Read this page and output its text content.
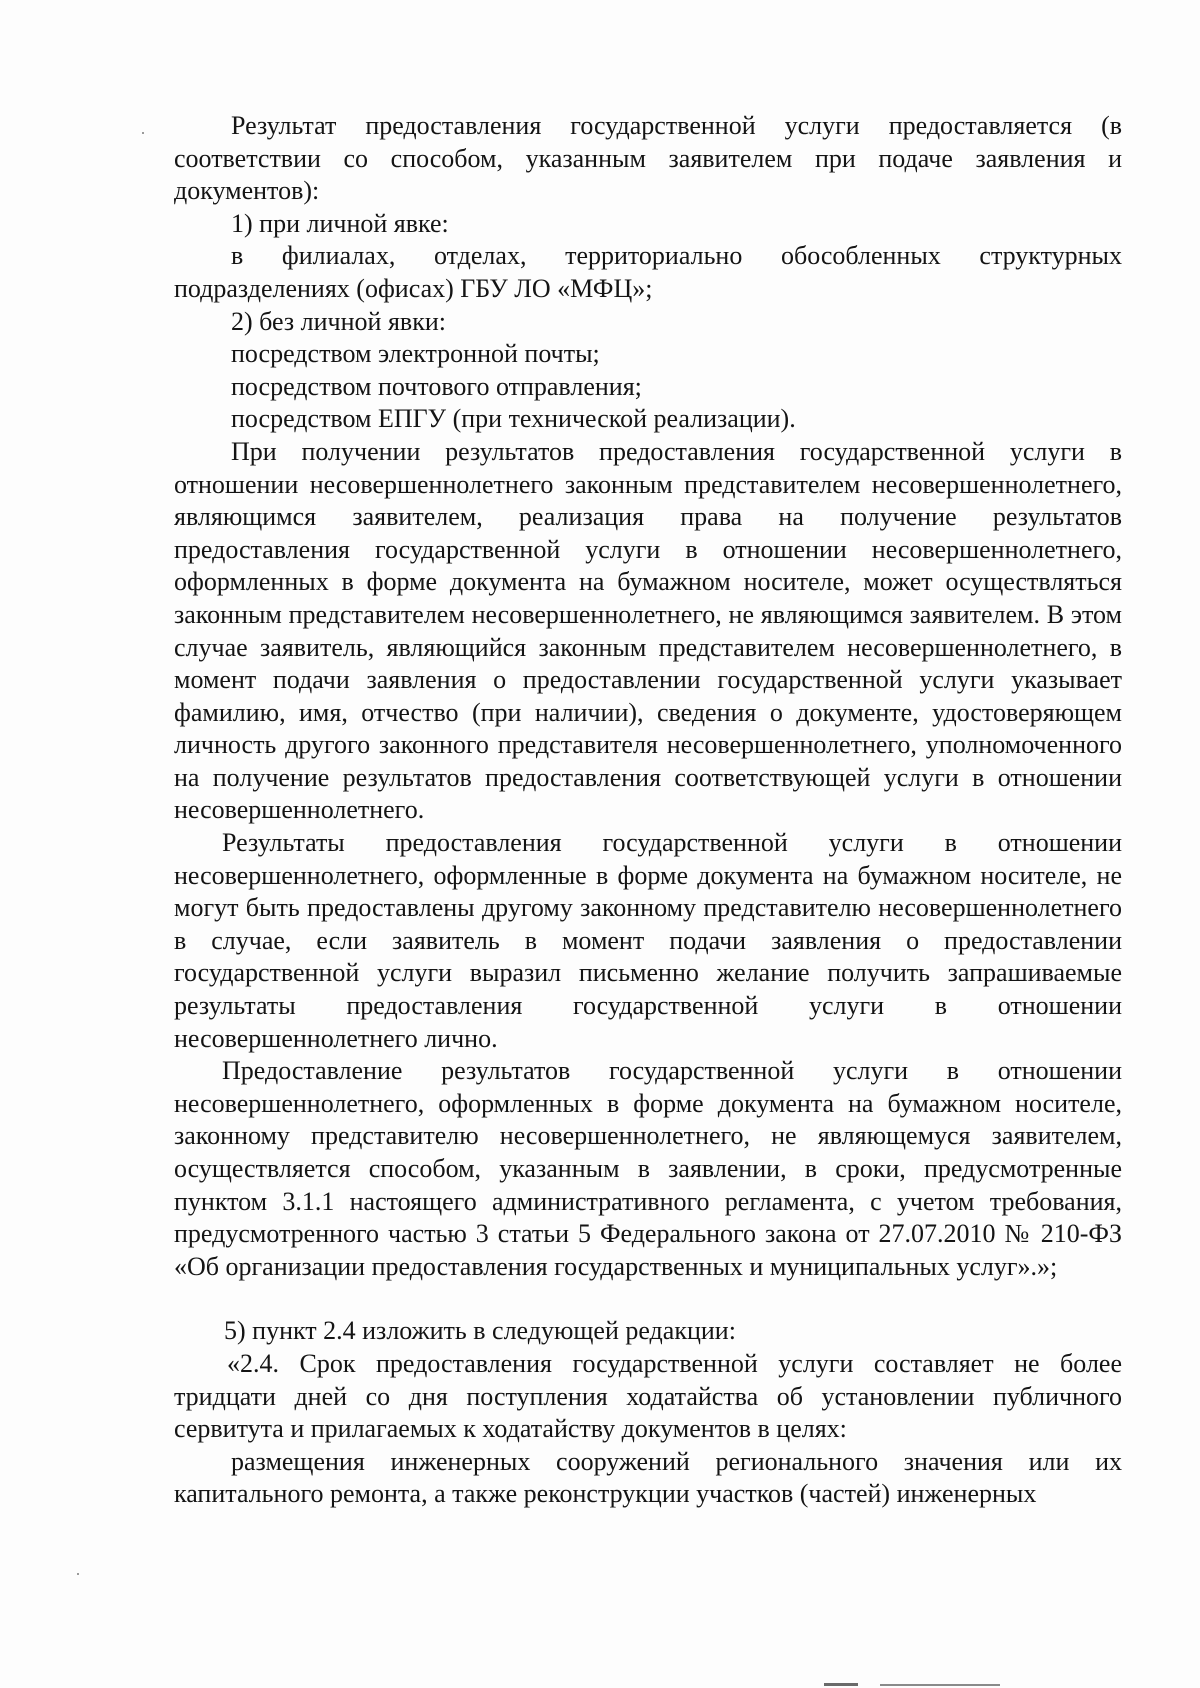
Результат предоставления государственной услуги предоставляется (в соответствии со способом, указанным заявителем при подаче заявления и документов):

1) при личной явке:

в филиалах, отделах, территориально обособленных структурных подразделениях (офисах) ГБУ ЛО «МФЦ»;

2) без личной явки:

посредством электронной почты;

посредством почтового отправления;

посредством ЕПГУ (при технической реализации).

При получении результатов предоставления государственной услуги в отношении несовершеннолетнего законным представителем несовершеннолетнего, являющимся заявителем, реализация права на получение результатов предоставления государственной услуги в отношении несовершеннолетнего, оформленных в форме документа на бумажном носителе, может осуществляться законным представителем несовершеннолетнего, не являющимся заявителем. В этом случае заявитель, являющийся законным представителем несовершеннолетнего, в момент подачи заявления о предоставлении государственной услуги указывает фамилию, имя, отчество (при наличии), сведения о документе, удостоверяющем личность другого законного представителя несовершеннолетнего, уполномоченного на получение результатов предоставления соответствующей услуги в отношении несовершеннолетнего.

Результаты предоставления государственной услуги в отношении несовершеннолетнего, оформленные в форме документа на бумажном носителе, не могут быть предоставлены другому законному представителю несовершеннолетнего в случае, если заявитель в момент подачи заявления о предоставлении государственной услуги выразил письменно желание получить запрашиваемые результаты предоставления государственной услуги в отношении несовершеннолетнего лично.

Предоставление результатов государственной услуги в отношении несовершеннолетнего, оформленных в форме документа на бумажном носителе, законному представителю несовершеннолетнего, не являющемуся заявителем, осуществляется способом, указанным в заявлении, в сроки, предусмотренные пунктом 3.1.1 настоящего административного регламента, с учетом требования, предусмотренного частью 3 статьи 5 Федерального закона от 27.07.2010 № 210-ФЗ «Об организации предоставления государственных и муниципальных услуг».»;

5) пункт 2.4 изложить в следующей редакции:

«2.4. Срок предоставления государственной услуги составляет не более тридцати дней со дня поступления ходатайства об установлении публичного сервитута и прилагаемых к ходатайству документов в целях:

размещения инженерных сооружений регионального значения или их капитального ремонта, а также реконструкции участков (частей) инженерных
